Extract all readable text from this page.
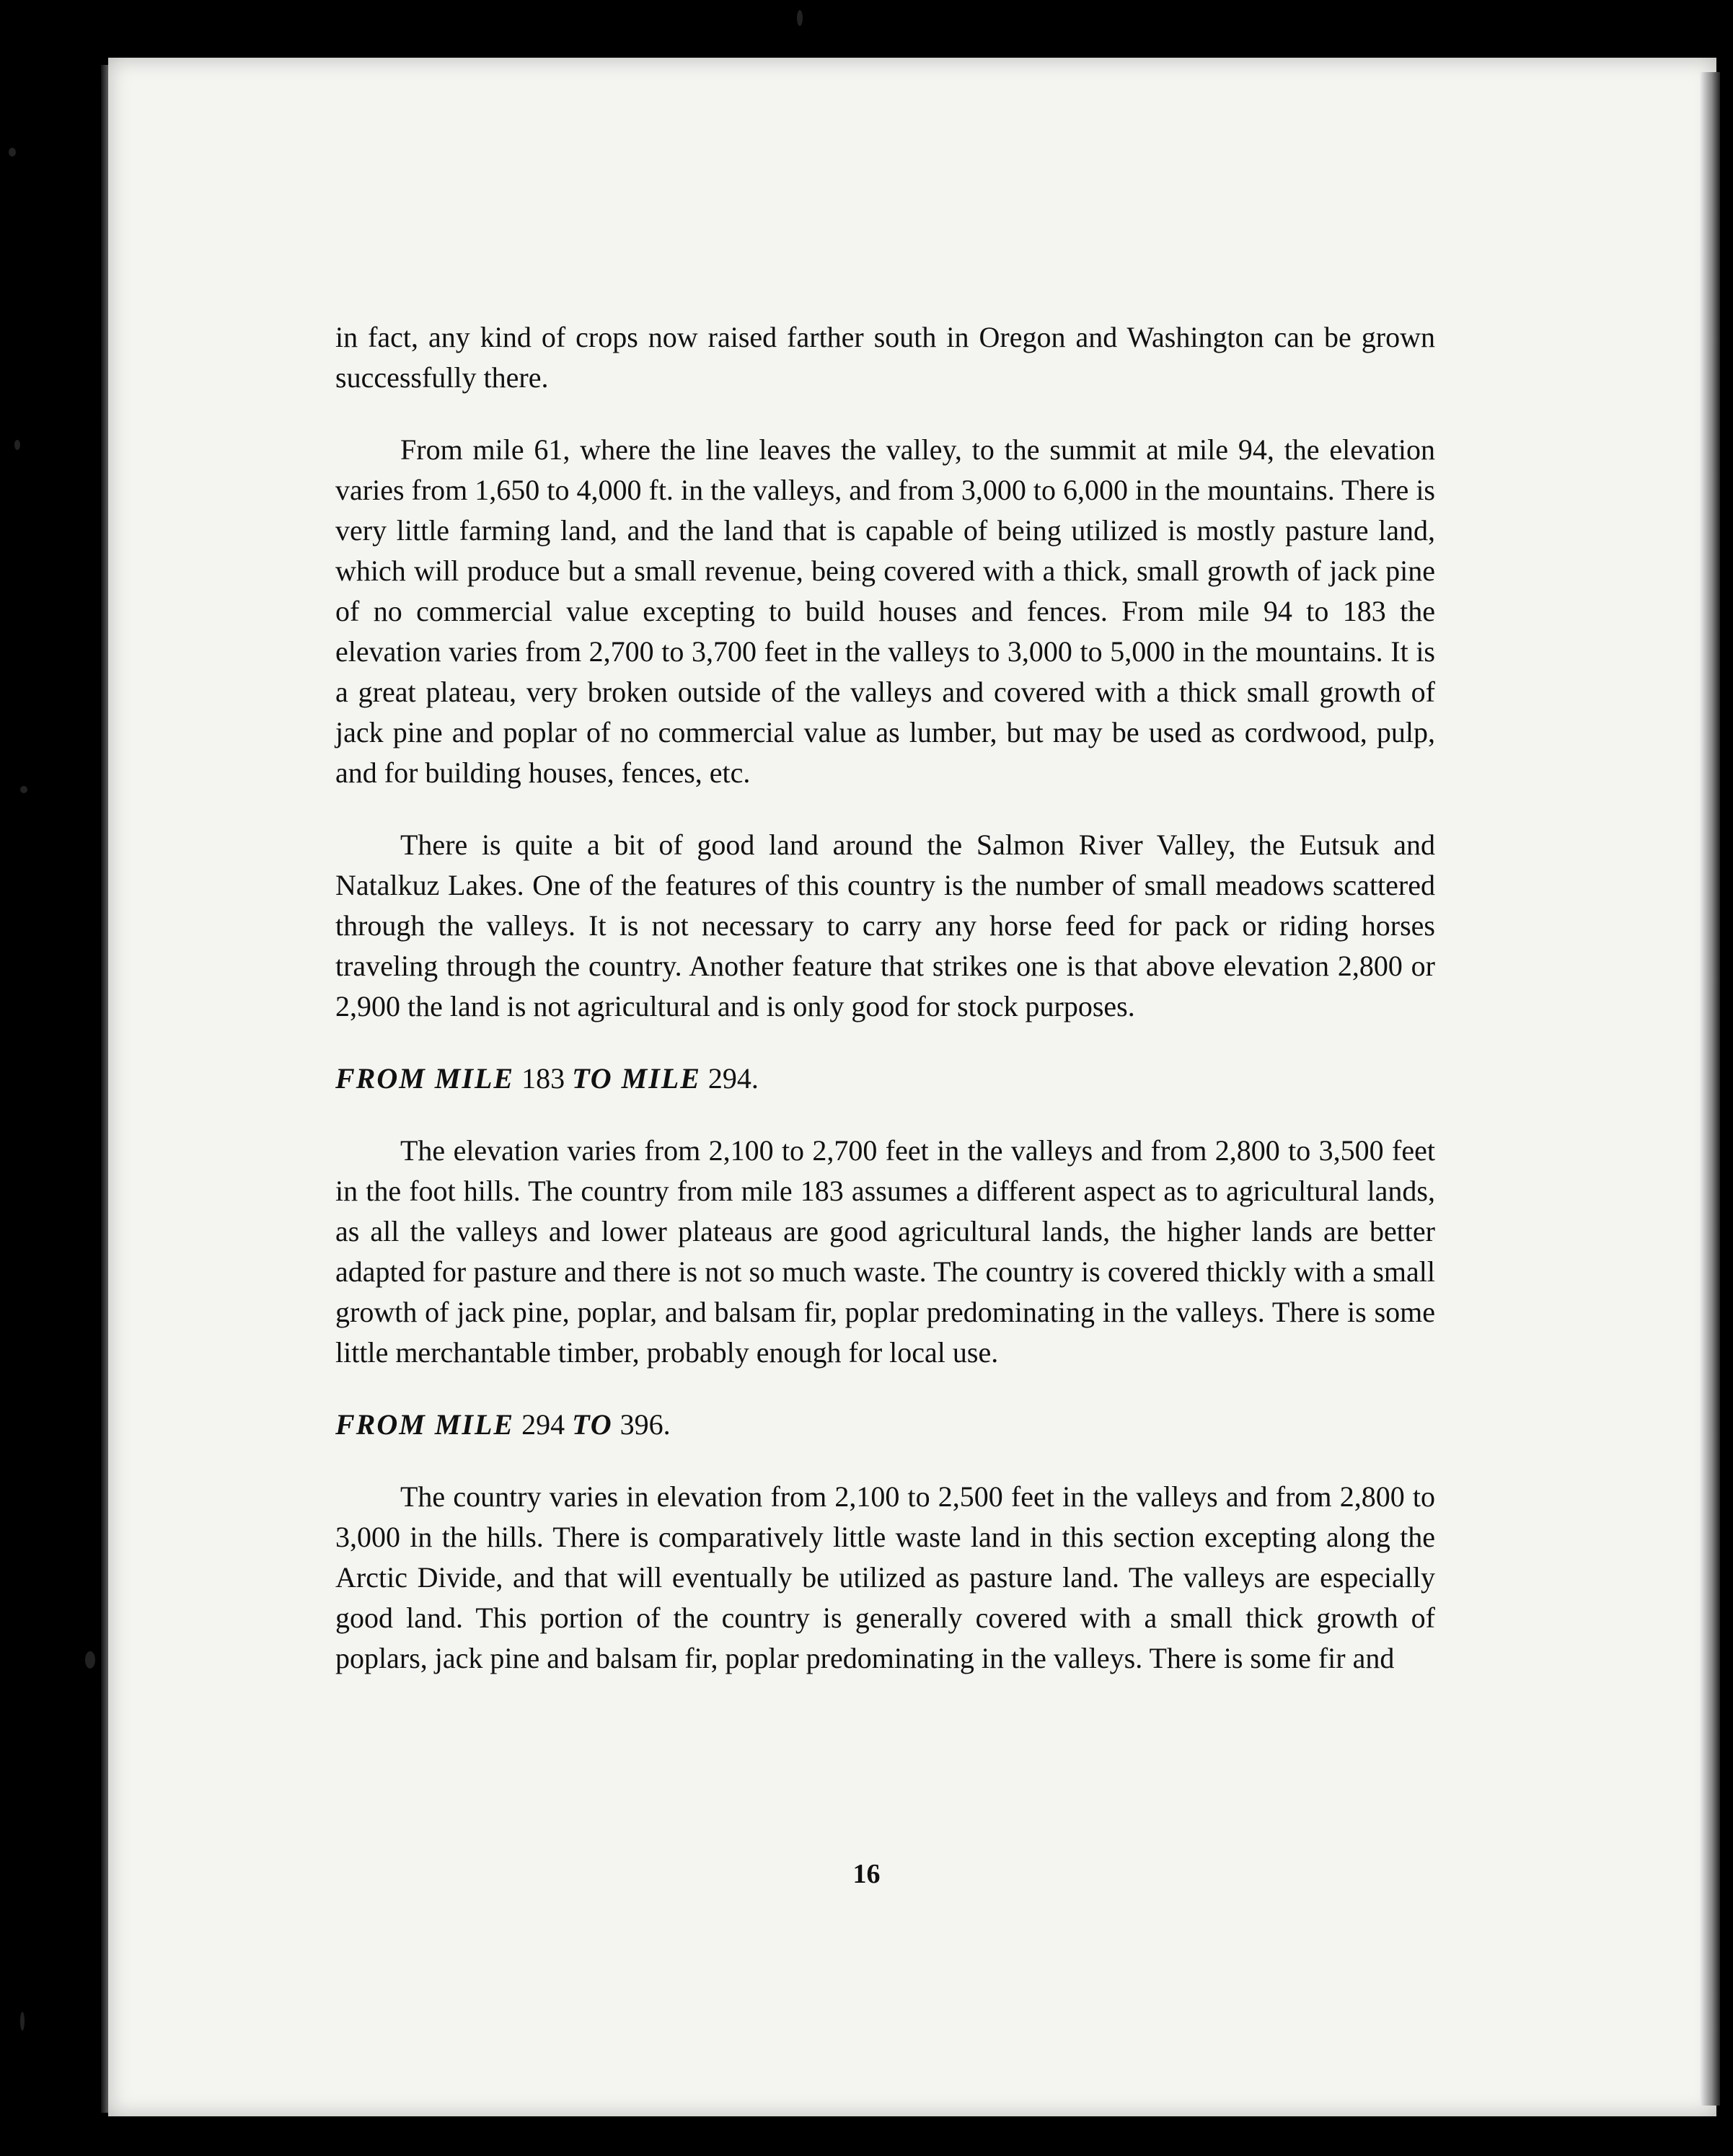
in fact, any kind of crops now raised farther south in Oregon and Washington can be grown successfully there.

From mile 61, where the line leaves the valley, to the summit at mile 94, the elevation varies from 1,650 to 4,000 ft. in the valleys, and from 3,000 to 6,000 in the mountains. There is very little farming land, and the land that is capable of being utilized is mostly pasture land, which will produce but a small revenue, being covered with a thick, small growth of jack pine of no commercial value excepting to build houses and fences. From mile 94 to 183 the elevation varies from 2,700 to 3,700 feet in the valleys to 3,000 to 5,000 in the mountains. It is a great plateau, very broken outside of the valleys and covered with a thick small growth of jack pine and poplar of no commercial value as lumber, but may be used as cordwood, pulp, and for building houses, fences, etc.

There is quite a bit of good land around the Salmon River Valley, the Eutsuk and Natalkuz Lakes. One of the features of this country is the number of small meadows scattered through the valleys. It is not necessary to carry any horse feed for pack or riding horses traveling through the country. Another feature that strikes one is that above elevation 2,800 or 2,900 the land is not agricultural and is only good for stock purposes.

FROM MILE 183 TO MILE 294.

The elevation varies from 2,100 to 2,700 feet in the valleys and from 2,800 to 3,500 feet in the foot hills. The country from mile 183 assumes a different aspect as to agricultural lands, as all the valleys and lower plateaus are good agricultural lands, the higher lands are better adapted for pasture and there is not so much waste. The country is covered thickly with a small growth of jack pine, poplar, and balsam fir, poplar predominating in the valleys. There is some little merchantable timber, probably enough for local use.

FROM MILE 294 TO 396.

The country varies in elevation from 2,100 to 2,500 feet in the valleys and from 2,800 to 3,000 in the hills. There is comparatively little waste land in this section excepting along the Arctic Divide, and that will eventually be utilized as pasture land. The valleys are especially good land. This portion of the country is generally covered with a small thick growth of poplars, jack pine and balsam fir, poplar predominating in the valleys. There is some fir and

16
